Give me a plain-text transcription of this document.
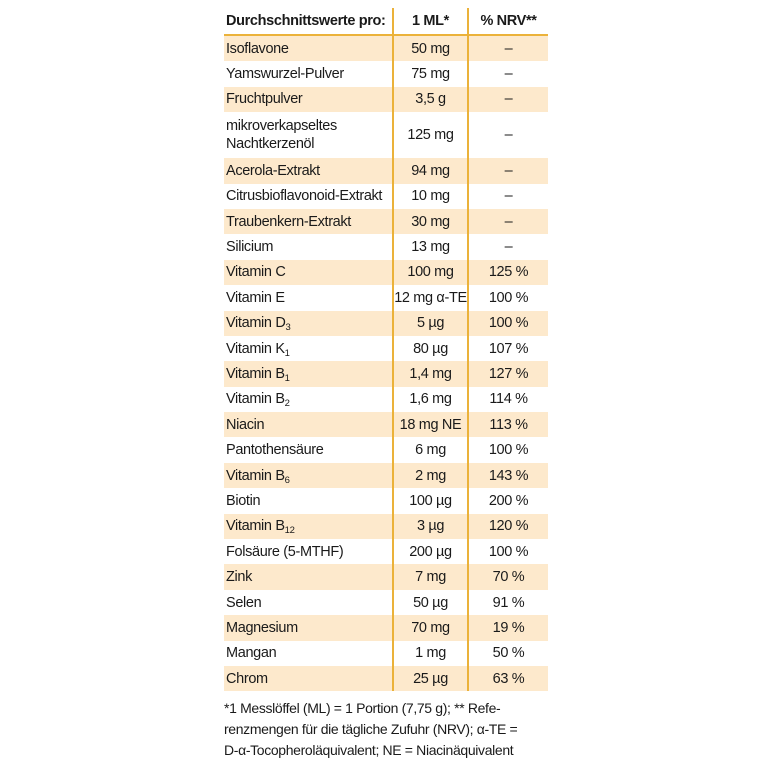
Durchschnittswerte pro:	1 ML*	% NRV**
Isoflavone	50 mg	–
Yamswurzel-Pulver	75 mg	–
Fruchtpulver	3,5 g	–
mikroverkapseltes Nachtkerzenöl	125 mg	–
Acerola-Extrakt	94 mg	–
Citrusbioflavonoid-Extrakt	10 mg	–
Traubenkern-Extrakt	30 mg	–
Silicium	13 mg	–
Vitamin C	100 mg	125 %
Vitamin E	12 mg α-TE	100 %
Vitamin $D_3$	5 µg	100 %
Vitamin $K_1$	80 µg	107 %
Vitamin $B_1$	1,4 mg	127 %
Vitamin $B_2$	1,6 mg	114 %
Niacin	18 mg NE	113 %
Pantothensäure	6 mg	100 %
Vitamin $B_6$	2 mg	143 %
Biotin	100 µg	200 %
Vitamin $B_{12}$	3 µg	120 %
Folsäure (5-MTHF)	200 µg	100 %
Zink	7 mg	70 %
Selen	50 µg	91 %
Magnesium	70 mg	19 %
Mangan	1 mg	50 %
Chrom	25 µg	63 %
*1 Messlöffel (ML) = 1 Portion (7,75 g); ** Refe-
renzmengen für die tägliche Zufuhr (NRV); α-TE =
D-α-Tocopheroläquivalent; NE = Niacinäquivalent
